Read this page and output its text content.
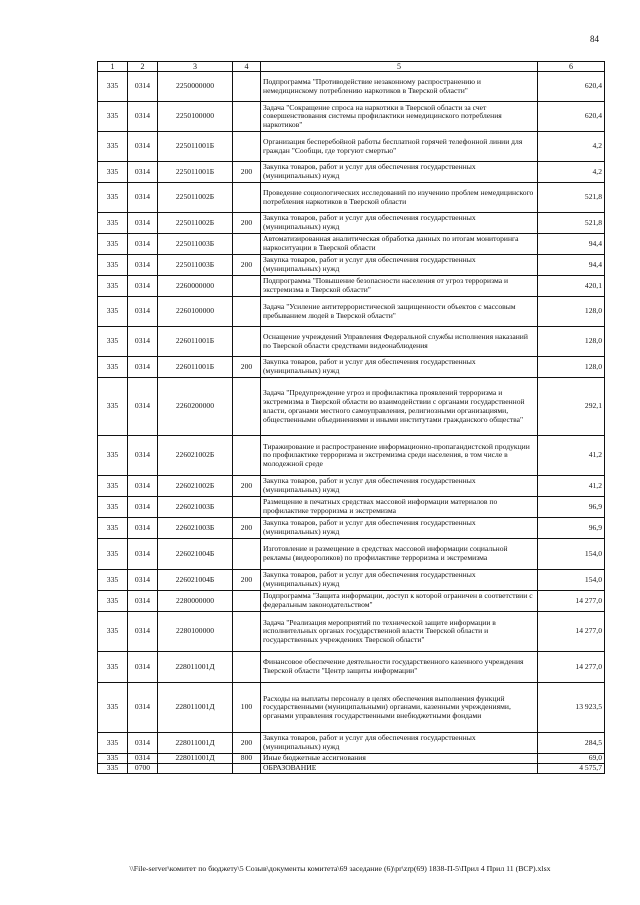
84
1	2	3	4	5	6
335	0314	2250000000		Подпрограмма "Противодействие незаконному распространению и немедицинскому потреблению наркотиков в Тверской области"	620,4
335	0314	2250100000		Задача "Сокращение спроса на наркотики в Тверской области за счет совершенствования системы профилактики немедицинского потребления наркотиков"	620,4
335	0314	225011001Б		Организация бесперебойной работы бесплатной горячей телефонной линии для граждан "Сообщи, где торгуют смертью"	4,2
335	0314	225011001Б	200	Закупка товаров, работ и услуг для обеспечения государственных (муниципальных) нужд	4,2
335	0314	225011002Б		Проведение социологических исследований по изучению проблем немедицинского потребления наркотиков в Тверской области	521,8
335	0314	225011002Б	200	Закупка товаров, работ и услуг для обеспечения государственных (муниципальных) нужд	521,8
335	0314	225011003Б		Автоматизированная аналитическая обработка данных по итогам мониторинга наркоситуации в Тверской области	94,4
335	0314	225011003Б	200	Закупка товаров, работ и услуг для обеспечения государственных (муниципальных) нужд	94,4
335	0314	2260000000		Подпрограмма "Повышение безопасности населения от угроз терроризма и экстремизма в Тверской области"	420,1
335	0314	2260100000		Задача "Усиление антитеррористической защищенности объектов с массовым пребыванием людей в Тверской области"	128,0
335	0314	226011001Б		Оснащение учреждений Управления Федеральной службы исполнения наказаний по Тверской области средствами видеонаблюдения	128,0
335	0314	226011001Б	200	Закупка товаров, работ и услуг для обеспечения государственных (муниципальных) нужд	128,0
335	0314	2260200000		Задача "Предупреждение угроз и профилактика проявлений терроризма и экстремизма в Тверской области во взаимодействии с органами государственной власти, органами местного самоуправления, религиозными организациями, общественными объединениями и иными институтами гражданского общества"	292,1
335	0314	226021002Б		Тиражирование и распространение информационно-пропагандистской продукции по профилактике терроризма и экстремизма среди населения, в том числе в молодежной среде	41,2
335	0314	226021002Б	200	Закупка товаров, работ и услуг для обеспечения государственных (муниципальных) нужд	41,2
335	0314	226021003Б		Размещение в печатных средствах массовой информации материалов по профилактике терроризма и экстремизма	96,9
335	0314	226021003Б	200	Закупка товаров, работ и услуг для обеспечения государственных (муниципальных) нужд	96,9
335	0314	226021004Б		Изготовление и размещение в средствах массовой информации социальной рекламы (видеороликов) по профилактике терроризма и экстремизма	154,0
335	0314	226021004Б	200	Закупка товаров, работ и услуг для обеспечения государственных (муниципальных) нужд	154,0
335	0314	2280000000		Подпрограмма "Защита информации, доступ к которой ограничен в соответствии с федеральным законодательством"	14 277,0
335	0314	2280100000		Задача "Реализация мероприятий по технической защите информации в исполнительных органах государственной власти Тверской области и государственных учреждениях Тверской области"	14 277,0
335	0314	228011001Д		Финансовое обеспечение деятельности государственного казенного учреждения Тверской области "Центр защиты информации"	14 277,0
335	0314	228011001Д	100	Расходы на выплаты персоналу в целях обеспечения выполнения функций государственными (муниципальными) органами, казенными учреждениями, органами управления государственными внебюджетными фондами	13 923,5
335	0314	228011001Д	200	Закупка товаров, работ и услуг для обеспечения государственных (муниципальных) нужд	284,5
335	0314	228011001Д	800	Иные бюджетные ассигнования	69,0
335	0700			ОБРАЗОВАНИЕ	4 575,7
\\File-server\комитет по бюджету\5 Созыв\документы комитета\69 заседание (6)\pr\zrp(69) 1838-П-5\Прил 4 Прил 11 (ВСР).xlsx
